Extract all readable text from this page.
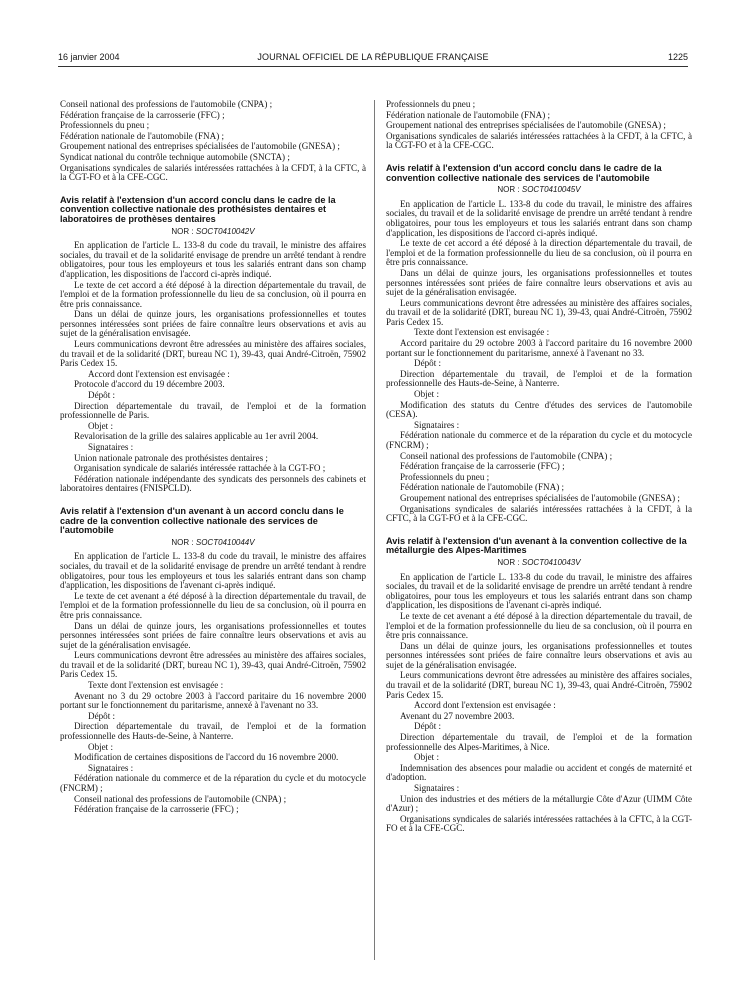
16 janvier 2004	JOURNAL OFFICIEL DE LA RÉPUBLIQUE FRANÇAISE	1225

Conseil national des professions de l'automobile (CNPA) ;

Fédération française de la carrosserie (FFC) ;

Professionnels du pneu ;

Fédération nationale de l'automobile (FNA) ;

Groupement national des entreprises spécialisées de l'automobile (GNESA) ;

Syndicat national du contrôle technique automobile (SNCTA) ;

Organisations syndicales de salariés intéressées rattachées à la CFDT, à la CFTC, à la CGT-FO et à la CFE-CGC.

Avis relatif à l'extension d'un accord conclu dans le cadre de la convention collective nationale des prothésistes dentaires et laboratoires de prothèses dentaires
NOR : SOCT0410042V

En application de l'article L. 133-8 du code du travail, le ministre des affaires sociales, du travail et de la solidarité envisage de prendre un arrêté tendant à rendre obligatoires, pour tous les employeurs et tous les salariés entrant dans son champ d'application, les dispositions de l'accord ci-après indiqué.

Le texte de cet accord a été déposé à la direction départementale du travail, de l'emploi et de la formation professionnelle du lieu de sa conclusion, où il pourra en être pris connaissance.

Dans un délai de quinze jours, les organisations professionnelles et toutes personnes intéressées sont priées de faire connaître leurs observations et avis au sujet de la généralisation envisagée.

Leurs communications devront être adressées au ministère des affaires sociales, du travail et de la solidarité (DRT, bureau NC 1), 39-43, quai André-Citroën, 75902 Paris Cedex 15.

Accord dont l'extension est envisagée :

Protocole d'accord du 19 décembre 2003.

Dépôt :

Direction départementale du travail, de l'emploi et de la formation professionnelle de Paris.

Objet :

Revalorisation de la grille des salaires applicable au 1er avril 2004.

Signataires :

Union nationale patronale des prothésistes dentaires ;

Organisation syndicale de salariés intéressée rattachée à la CGT-FO ;

Fédération nationale indépendante des syndicats des personnels des cabinets et laboratoires dentaires (FNISPCLD).

Avis relatif à l'extension d'un avenant à un accord conclu dans le cadre de la convention collective nationale des services de l'automobile
NOR : SOCT0410044V

En application de l'article L. 133-8 du code du travail, le ministre des affaires sociales, du travail et de la solidarité envisage de prendre un arrêté tendant à rendre obligatoires, pour tous les employeurs et tous les salariés entrant dans son champ d'application, les dispositions de l'avenant ci-après indiqué.

Le texte de cet avenant a été déposé à la direction départementale du travail, de l'emploi et de la formation professionnelle du lieu de sa conclusion, où il pourra en être pris connaissance.

Dans un délai de quinze jours, les organisations professionnelles et toutes personnes intéressées sont priées de faire connaître leurs observations et avis au sujet de la généralisation envisagée.

Leurs communications devront être adressées au ministère des affaires sociales, du travail et de la solidarité (DRT, bureau NC 1), 39-43, quai André-Citroën, 75902 Paris Cedex 15.

Texte dont l'extension est envisagée :

Avenant no 3 du 29 octobre 2003 à l'accord paritaire du 16 novembre 2000 portant sur le fonctionnement du paritarisme, annexé à l'avenant no 33.

Dépôt :

Direction départementale du travail, de l'emploi et de la formation professionnelle des Hauts-de-Seine, à Nanterre.

Objet :

Modification de certaines dispositions de l'accord du 16 novembre 2000.

Signataires :

Fédération nationale du commerce et de la réparation du cycle et du motocycle (FNCRM) ;

Conseil national des professions de l'automobile (CNPA) ;

Fédération française de la carrosserie (FFC) ;

Professionnels du pneu ;

Fédération nationale de l'automobile (FNA) ;

Groupement national des entreprises spécialisées de l'automobile (GNESA) ;

Organisations syndicales de salariés intéressées rattachées à la CFDT, à la CFTC, à la CGT-FO et à la CFE-CGC.

Avis relatif à l'extension d'un accord conclu dans le cadre de la convention collective nationale des services de l'automobile
NOR : SOCT0410045V

En application de l'article L. 133-8 du code du travail, le ministre des affaires sociales, du travail et de la solidarité envisage de prendre un arrêté tendant à rendre obligatoires, pour tous les employeurs et tous les salariés entrant dans son champ d'application, les dispositions de l'accord ci-après indiqué.

Le texte de cet accord a été déposé à la direction départementale du travail, de l'emploi et de la formation professionnelle du lieu de sa conclusion, où il pourra en être pris connaissance.

Dans un délai de quinze jours, les organisations professionnelles et toutes personnes intéressées sont priées de faire connaître leurs observations et avis au sujet de la généralisation envisagée.

Leurs communications devront être adressées au ministère des affaires sociales, du travail et de la solidarité (DRT, bureau NC 1), 39-43, quai André-Citroën, 75902 Paris Cedex 15.

Texte dont l'extension est envisagée :

Accord paritaire du 29 octobre 2003 à l'accord paritaire du 16 novembre 2000 portant sur le fonctionnement du paritarisme, annexé à l'avenant no 33.

Dépôt :

Direction départementale du travail, de l'emploi et de la formation professionnelle des Hauts-de-Seine, à Nanterre.

Objet :

Modification des statuts du Centre d'études des services de l'automobile (CESA).

Signataires :

Fédération nationale du commerce et de la réparation du cycle et du motocycle (FNCRM) ;

Conseil national des professions de l'automobile (CNPA) ;

Fédération française de la carrosserie (FFC) ;

Professionnels du pneu ;

Fédération nationale de l'automobile (FNA) ;

Groupement national des entreprises spécialisées de l'automobile (GNESA) ;

Organisations syndicales de salariés intéressées rattachées à la CFDT, à la CFTC, à la CGT-FO et à la CFE-CGC.

Avis relatif à l'extension d'un avenant à la convention collective de la métallurgie des Alpes-Maritimes
NOR : SOCT0410043V

En application de l'article L. 133-8 du code du travail, le ministre des affaires sociales, du travail et de la solidarité envisage de prendre un arrêté tendant à rendre obligatoires, pour tous les employeurs et tous les salariés entrant dans son champ d'application, les dispositions de l'avenant ci-après indiqué.

Le texte de cet avenant a été déposé à la direction départementale du travail, de l'emploi et de la formation professionnelle du lieu de sa conclusion, où il pourra en être pris connaissance.

Dans un délai de quinze jours, les organisations professionnelles et toutes personnes intéressées sont priées de faire connaître leurs observations et avis au sujet de la généralisation envisagée.

Leurs communications devront être adressées au ministère des affaires sociales, du travail et de la solidarité (DRT, bureau NC 1), 39-43, quai André-Citroën, 75902 Paris Cedex 15.

Accord dont l'extension est envisagée :

Avenant du 27 novembre 2003.

Dépôt :

Direction départementale du travail, de l'emploi et de la formation professionnelle des Alpes-Maritimes, à Nice.

Objet :

Indemnisation des absences pour maladie ou accident et congés de maternité et d'adoption.

Signataires :

Union des industries et des métiers de la métallurgie Côte d'Azur (UIMM Côte d'Azur) ;

Organisations syndicales de salariés intéressées rattachées à la CFTC, à la CGT-FO et à la CFE-CGC.
